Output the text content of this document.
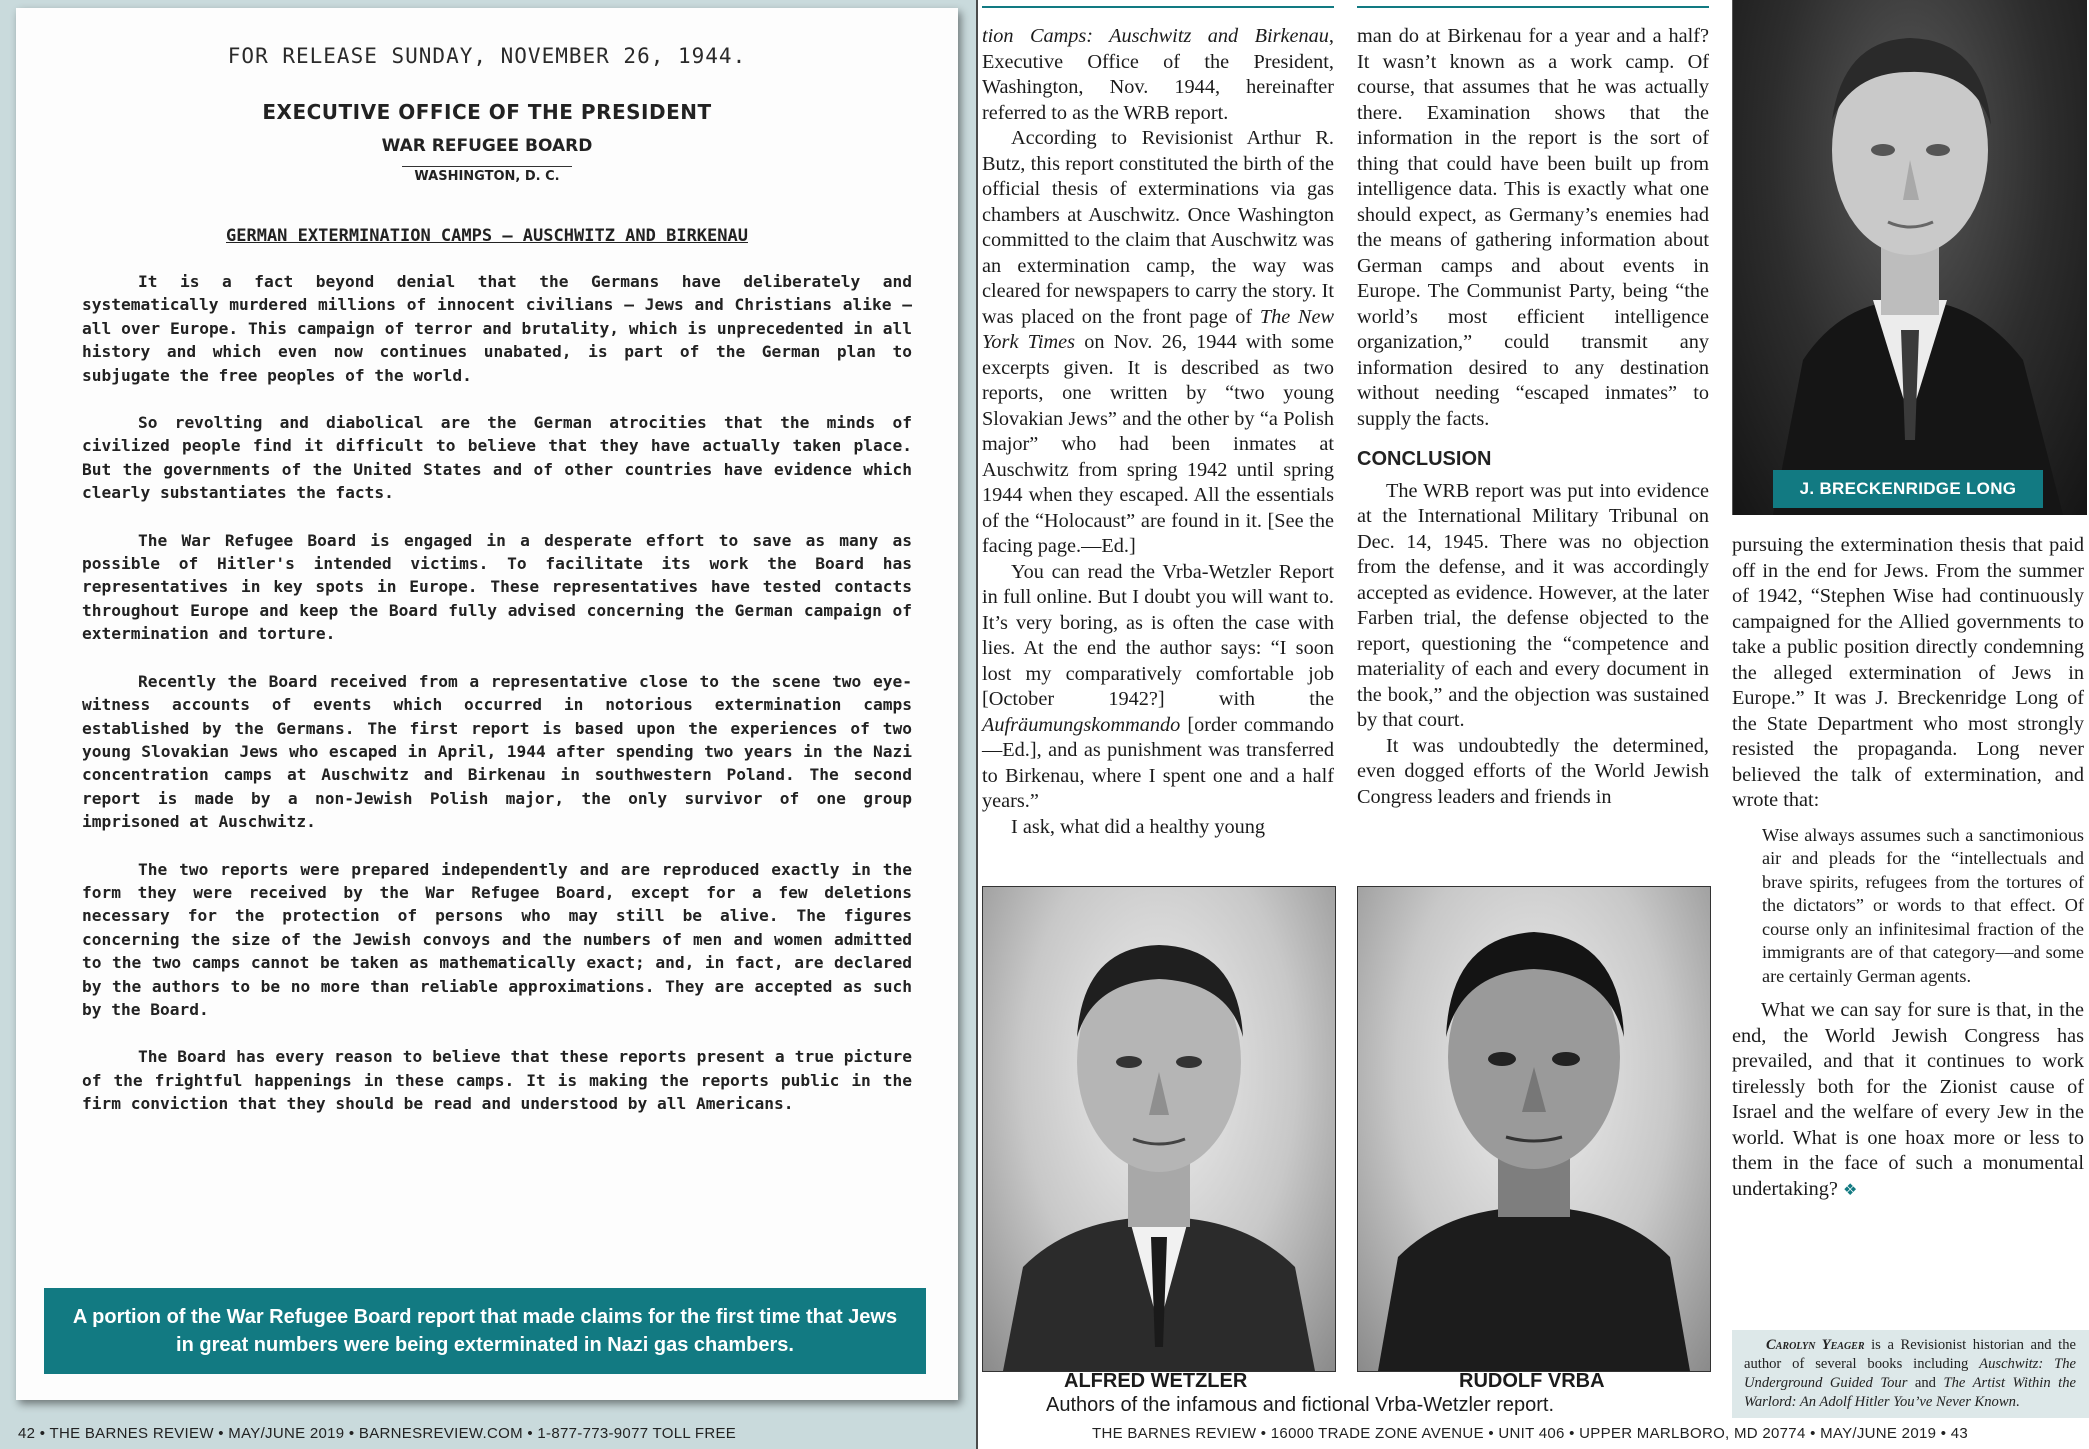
FOR RELEASE SUNDAY, NOVEMBER 26, 1944.
EXECUTIVE OFFICE OF THE PRESIDENT
WAR REFUGEE BOARD
WASHINGTON, D. C.
GERMAN EXTERMINATION CAMPS — AUSCHWITZ AND BIRKENAU

It is a fact beyond denial that the Germans have deliberately and systematically murdered millions of innocent civilians — Jews and Christians alike — all over Europe. This campaign of terror and brutality, which is unprecedented in all history and which even now continues unabated, is part of the German plan to subjugate the free peoples of the world.

So revolting and diabolical are the German atrocities that the minds of civilized people find it difficult to believe that they have actually taken place. But the governments of the United States and of other countries have evidence which clearly substantiates the facts.

The War Refugee Board is engaged in a desperate effort to save as many as possible of Hitler's intended victims. To facilitate its work the Board has representatives in key spots in Europe. These representatives have tested contacts throughout Europe and keep the Board fully advised concerning the German campaign of extermination and torture.

Recently the Board received from a representative close to the scene two eye-witness accounts of events which occurred in notorious extermination camps established by the Germans. The first report is based upon the experiences of two young Slovakian Jews who escaped in April, 1944 after spending two years in the Nazi concentration camps at Auschwitz and Birkenau in southwestern Poland. The second report is made by a non-Jewish Polish major, the only survivor of one group imprisoned at Auschwitz.

The two reports were prepared independently and are reproduced exactly in the form they were received by the War Refugee Board, except for a few deletions necessary for the protection of persons who may still be alive. The figures concerning the size of the Jewish convoys and the numbers of men and women admitted to the two camps cannot be taken as mathematically exact; and, in fact, are declared by the authors to be no more than reliable approximations. They are accepted as such by the Board.

The Board has every reason to believe that these reports present a true picture of the frightful happenings in these camps. It is making the reports public in the firm conviction that they should be read and understood by all Americans.

A portion of the War Refugee Board report that made claims for the first time that Jews in great numbers were being exterminated in Nazi gas chambers.
42 • THE BARNES REVIEW • MAY/JUNE 2019 • BARNESREVIEW.COM • 1-877-773-9077 TOLL FREE

tion Camps: Auschwitz and Birkenau, Executive Office of the President, Washington, Nov. 1944, hereinafter referred to as the WRB report.

According to Revisionist Arthur R. Butz, this report constituted the birth of the official thesis of exterminations via gas chambers at Auschwitz. Once Washington committed to the claim that Auschwitz was an extermination camp, the way was cleared for newspapers to carry the story. It was placed on the front page of The New York Times on Nov. 26, 1944 with some excerpts given. It is described as two reports, one written by “two young Slovakian Jews” and the other by “a Polish major” who had been inmates at Auschwitz from spring 1942 until spring 1944 when they escaped. All the essentials of the “Holocaust” are found in it. [See the facing page.—Ed.]

You can read the Vrba-Wetzler Report in full online. But I doubt you will want to. It’s very boring, as is often the case with lies. At the end the author says: “I soon lost my comparatively comfortable job [October 1942?] with the Aufräumungskommando [order commando—Ed.], and as punishment was transferred to Birkenau, where I spent one and a half years.”

I ask, what did a healthy young

man do at Birkenau for a year and a half? It wasn’t known as a work camp. Of course, that assumes that he was actually there. Examination shows that the information in the report is the sort of thing that could have been built up from intelligence data. This is exactly what one should expect, as Germany’s enemies had the means of gathering information about German camps and about events in Europe. The Communist Party, being “the world’s most efficient intelligence organization,” could transmit any information desired to any destination without needing “escaped inmates” to supply the facts.

CONCLUSION

The WRB report was put into evidence at the International Military Tribunal on Dec. 14, 1945. There was no objection from the defense, and it was accordingly accepted as evidence. However, at the later Farben trial, the defense objected to the report, questioning the “competence and materiality of each and every document in the book,” and the objection was sustained by that court.

It was undoubtedly the determined, even dogged efforts of the World Jewish Congress leaders and friends in

J. BRECKENRIDGE LONG

pursuing the extermination thesis that paid off in the end for Jews. From the summer of 1942, “Stephen Wise had continuously campaigned for the Allied governments to take a public position directly condemning the alleged extermination of Jews in Europe.” It was J. Breckenridge Long of the State Department who most strongly resisted the propaganda. Long never believed the talk of extermination, and wrote that:

Wise always assumes such a sanctimonious air and pleads for the “intellectuals and brave spirits, refugees from the tortures of the dictators” or words to that effect. Of course only an infinitesimal fraction of the immigrants are of that category—and some are certainly German agents.

What we can say for sure is that, in the end, the World Jewish Congress has prevailed, and that it continues to work tirelessly both for the Zionist cause of Israel and the welfare of every Jew in the world. What is one hoax more or less to them in the face of such a monumental undertaking? ❖

ALFRED WETZLER	RUDOLF VRBA
Authors of the infamous and fictional Vrba-Wetzler report.
Carolyn Yeager is a Revisionist historian and the author of several books including Auschwitz: The Underground Guided Tour and The Artist Within the Warlord: An Adolf Hitler You’ve Never Known.
THE BARNES REVIEW • 16000 TRADE ZONE AVENUE • UNIT 406 • UPPER MARLBORO, MD 20774 • MAY/JUNE 2019 • 43
